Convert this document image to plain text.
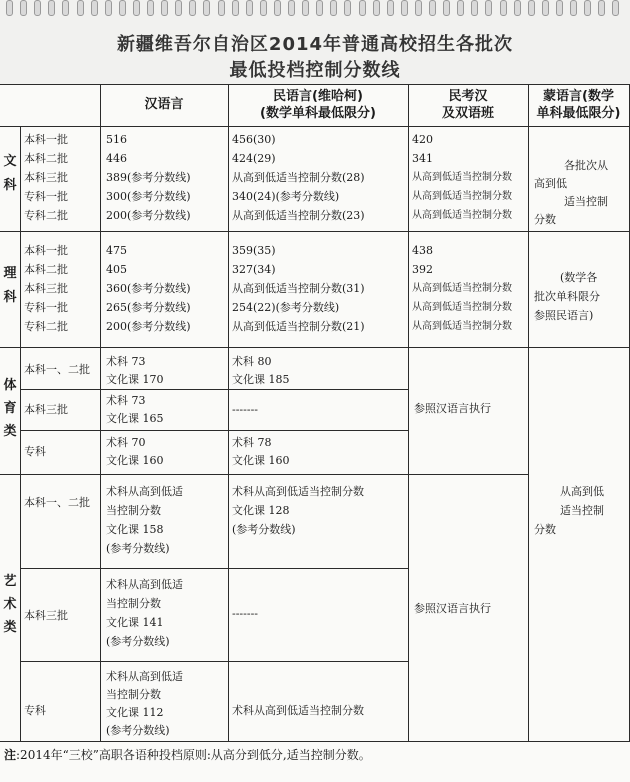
新疆维吾尔自治区2014年普通高校招生各批次
最低投档控制分数线
汉语言
民语言(维哈柯)
(数学单科最低限分)
民考汉
及双语班
蒙语言(数学
单科最低限分)
文科
理科
体育类
艺术类
本科一批
本科二批
本科三批
专科一批
专科二批
516
446
389(参考分数线)
300(参考分数线)
200(参考分数线)
456(30)
424(29)
从高到低适当控制分数(28)
340(24)(参考分数线)
从高到低适当控制分数(23)
420
341
从高到低适当控制分数
从高到低适当控制分数
从高到低适当控制分数
各批次从
高到低
适当控制
分数
本科一批
本科二批
本科三批
专科一批
专科二批
475
405
360(参考分数线)
265(参考分数线)
200(参考分数线)
359(35)
327(34)
从高到低适当控制分数(31)
254(22)(参考分数线)
从高到低适当控制分数(21)
438
392
从高到低适当控制分数
从高到低适当控制分数
从高到低适当控制分数
(数学各
批次单科限分
参照民语言)
本科一、二批
术科 73
文化课 170
术科 80
文化课 185
本科三批
术科 73
文化课 165
-------
专科
术科 70
文化课 160
术科 78
文化课 160
参照汉语言执行
本科一、二批
术科从高到低适
当控制分数
文化课 158
(参考分数线)
术科从高到低适当控制分数
文化课 128
(参考分数线)
本科三批
术科从高到低适
当控制分数
文化课 141
(参考分数线)
-------
专科
术科从高到低适
当控制分数
文化课 112
(参考分数线)
术科从高到低适当控制分数
参照汉语言执行
从高到低
适当控制
分数
注:2014年“三校”高职各语种投档原则:从高分到低分,适当控制分数。
